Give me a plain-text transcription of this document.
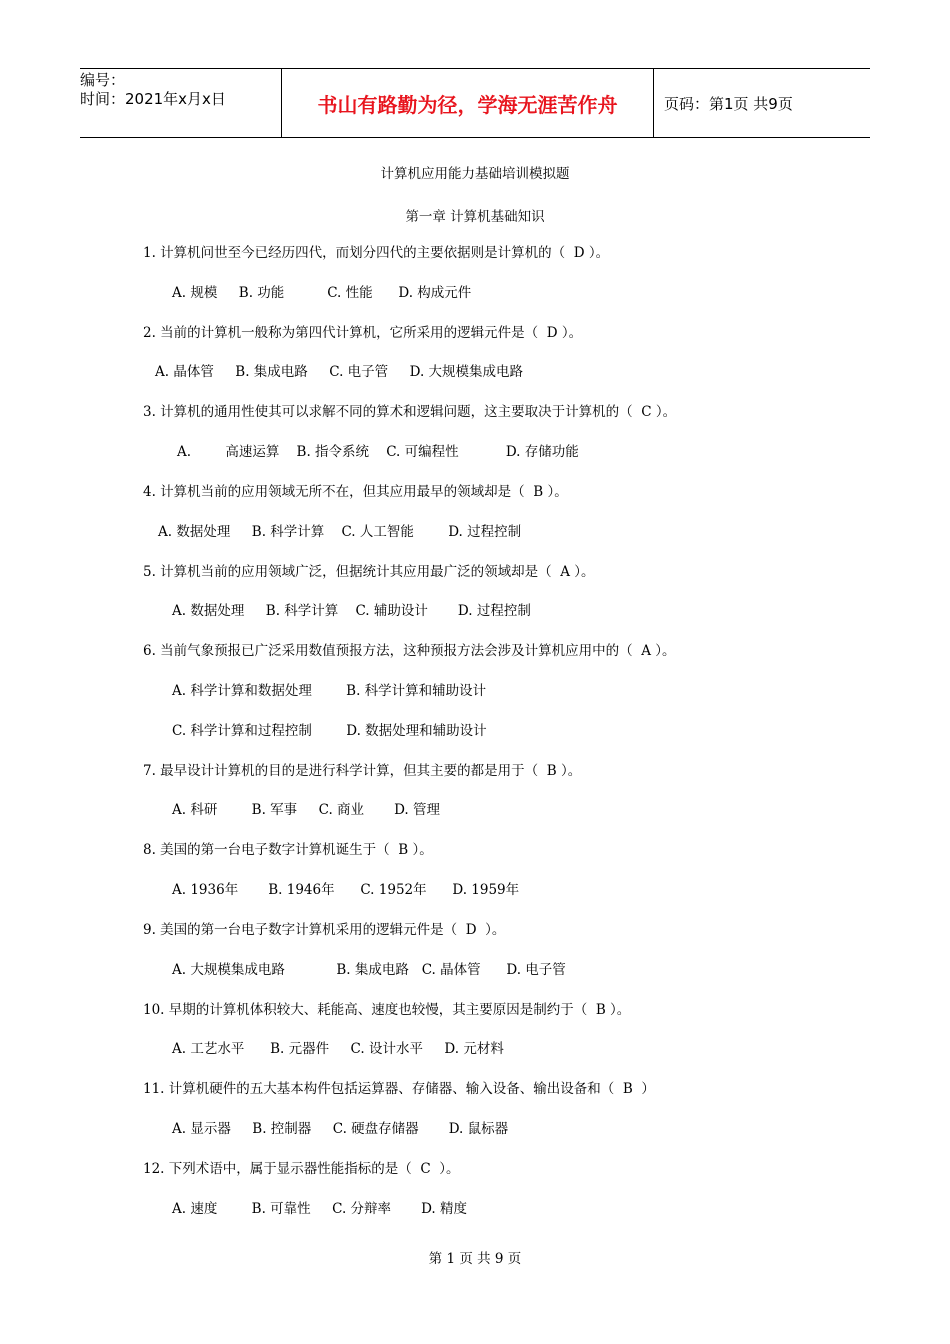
编号：
时间：2021年x月x日	书山有路勤为径，学海无涯苦作舟	页码：第1页 共9页
计算机应用能力基础培训模拟题
第一章 计算机基础知识
1. 计算机问世至今已经历四代，而划分四代的主要依据则是计算机的（  D ）。
A. 规模     B. 功能          C. 性能      D. 构成元件
2. 当前的计算机一般称为第四代计算机，它所采用的逻辑元件是（  D ）。
A. 晶体管     B. 集成电路     C. 电子管     D. 大规模集成电路
3. 计算机的通用性使其可以求解不同的算术和逻辑问题，这主要取决于计算机的（  C ）。
A.        高速运算    B. 指令系统    C. 可编程性           D. 存储功能
4. 计算机当前的应用领域无所不在，但其应用最早的领域却是（  B ）。
A. 数据处理     B. 科学计算    C. 人工智能        D. 过程控制
5. 计算机当前的应用领域广泛，但据统计其应用最广泛的领域却是（  A ）。
A. 数据处理     B. 科学计算    C. 辅助设计       D. 过程控制
6. 当前气象预报已广泛采用数值预报方法，这种预报方法会涉及计算机应用中的（  A ）。
A. 科学计算和数据处理        B. 科学计算和辅助设计
C. 科学计算和过程控制        D. 数据处理和辅助设计
7. 最早设计计算机的目的是进行科学计算，但其主要的都是用于（  B ）。
A. 科研        B. 军事     C. 商业       D. 管理
8. 美国的第一台电子数字计算机诞生于（  B ）。
A. 1936年       B. 1946年      C. 1952年      D. 1959年
9. 美国的第一台电子数字计算机采用的逻辑元件是（  D  ）。
A. 大规模集成电路            B. 集成电路   C. 晶体管      D. 电子管
10. 早期的计算机体积较大、耗能高、速度也较慢，其主要原因是制约于（  B ）。
A. 工艺水平      B. 元器件     C. 设计水平     D. 元材料
11. 计算机硬件的五大基本构件包括运算器、存储器、输入设备、输出设备和（  B  ）
A. 显示器     B. 控制器     C. 硬盘存储器       D. 鼠标器
12. 下列术语中，属于显示器性能指标的是（  C  ）。
A. 速度        B. 可靠性     C. 分辩率       D. 精度
第 1 页 共 9 页
